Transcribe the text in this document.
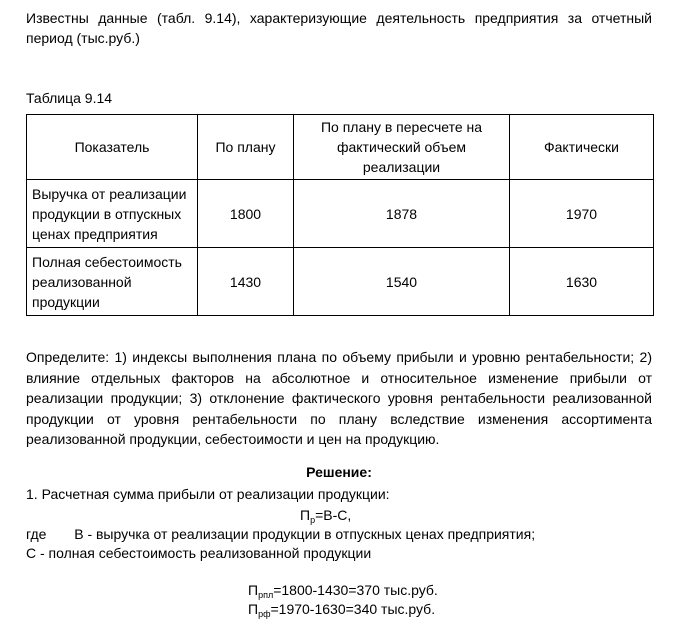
Известны данные (табл. 9.14), характеризующие деятельность предприятия за отчетный период (тыс.руб.)
Таблица 9.14
Показатель	По плану	По плану в пересчете на фактический объем реализации	Фактически
Выручка от реализации продукции в отпускных ценах предприятия	1800	1878	1970
Полная себестоимость реализованной продукции	1430	1540	1630
Определите: 1) индексы выполнения плана по объему прибыли и уровню рентабельности; 2) влияние отдельных факторов на абсолютное и относительное изменение прибыли от реализации продукции; 3) отклонение фактического уровня рентабельности реализованной продукции от уровня рентабельности по плану вследствие изменения ассортимента реализованной продукции, себестоимости и цен на продукцию.
Решение:
1. Расчетная сумма прибыли от реализации продукции:
$П_р=В-С$,
где В - выручка от реализации продукции в отпускных ценах предприятия;
С - полная себестоимость реализованной продукции
$П_{рпл}=1800-1430=370$ тыс.руб.
$П_{рф}=1970-1630=340$ тыс.руб.
